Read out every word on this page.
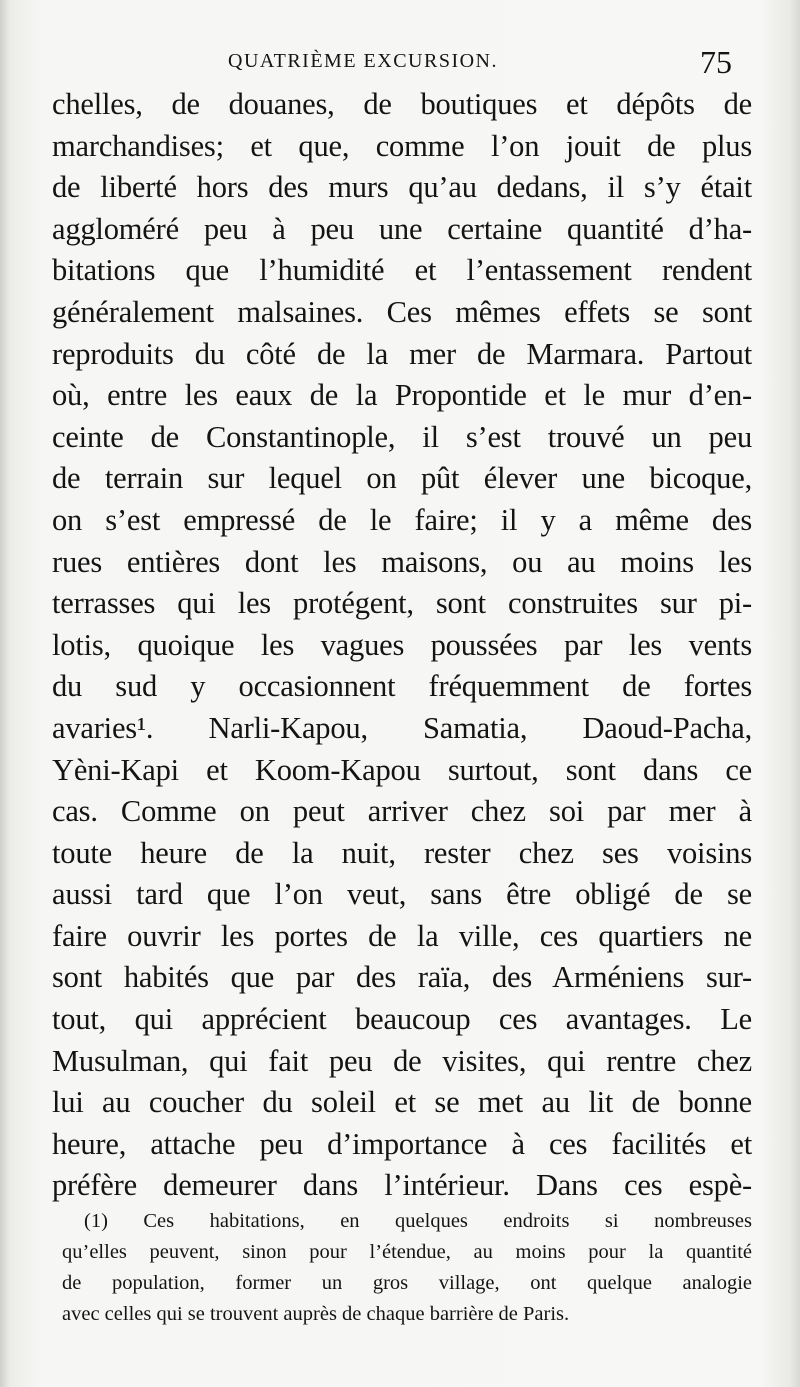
QUATRIÈME EXCURSION.	75
chelles, de douanes, de boutiques et dépôts de
marchandises; et que, comme l’on jouit de plus
de liberté hors des murs qu’au dedans, il s’y était
aggloméré peu à peu une certaine quantité d’ha-
bitations que l’humidité et l’entassement rendent
généralement malsaines. Ces mêmes effets se sont
reproduits du côté de la mer de Marmara. Partout
où, entre les eaux de la Propontide et le mur d’en-
ceinte de Constantinople, il s’est trouvé un peu
de terrain sur lequel on pût élever une bicoque,
on s’est empressé de le faire; il y a même des
rues entières dont les maisons, ou au moins les
terrasses qui les protégent, sont construites sur pi-
lotis, quoique les vagues poussées par les vents
du sud y occasionnent fréquemment de fortes
avaries¹. Narli-Kapou, Samatia, Daoud-Pacha,
Yèni-Kapi et Koom-Kapou surtout, sont dans ce
cas. Comme on peut arriver chez soi par mer à
toute heure de la nuit, rester chez ses voisins
aussi tard que l’on veut, sans être obligé de se
faire ouvrir les portes de la ville, ces quartiers ne
sont habités que par des raïa, des Arméniens sur-
tout, qui apprécient beaucoup ces avantages. Le
Musulman, qui fait peu de visites, qui rentre chez
lui au coucher du soleil et se met au lit de bonne
heure, attache peu d’importance à ces facilités et
préfère demeurer dans l’intérieur. Dans ces espè-
(1) Ces habitations, en quelques endroits si nombreuses
qu’elles peuvent, sinon pour l’étendue, au moins pour la quantité
de population, former un gros village, ont quelque analogie
avec celles qui se trouvent auprès de chaque barrière de Paris.
